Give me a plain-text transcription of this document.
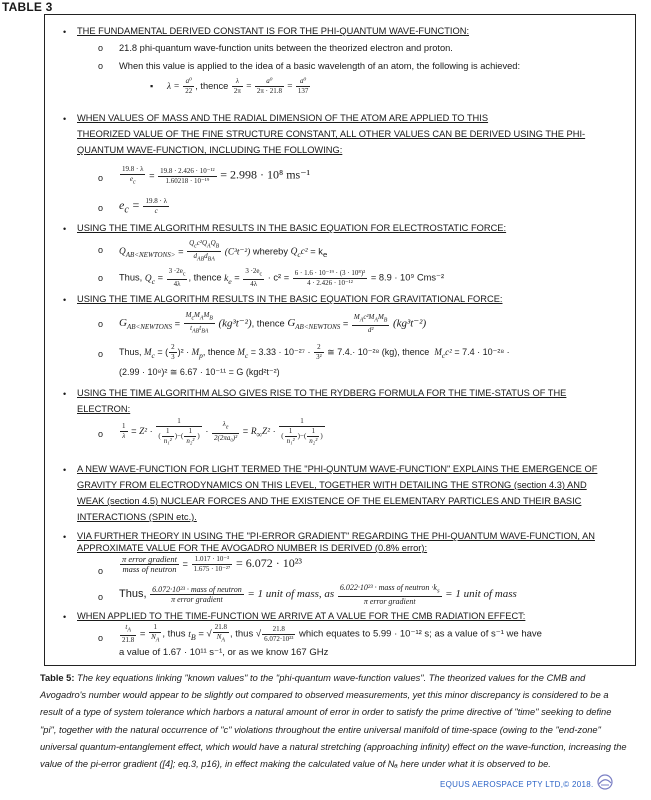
TABLE 3
• THE FUNDAMENTAL DERIVED CONSTANT IS FOR THE PHI-QUANTUM WAVE-FUNCTION:
o 21.8 phi-quantum wave-function units between the theorized electron and proton.
o When this value is applied to the idea of a basic wavelength of an atom, the following is achieved:
▪ $\lambda = \frac{\text{a⁰}}{22}$ , thence $\frac{\lambda}{2\pi} = \frac{\text{a⁰}}{2\pi \cdot 21.8} = \frac{\text{a⁰}}{137}$
• WHEN VALUES OF MASS AND THE RADIAL DIMENSION OF THE ATOM ARE APPLIED TO THIS
THEORIZED VALUE OF THE FINE STRUCTURE CONSTANT, ALL OTHER VALUES CAN BE DERIVED USING THE PHI-
QUANTUM WAVE-FUNCTION, INCLUDING THE FOLLOWING:
o $\frac{19.8 \cdot \lambda}{e_c} = \frac{\text{19.8 · 2.426 · 10⁻¹²}}{\text{1.60218 · 10⁻¹⁹}} = 2.998 \cdot 10^8$ ms⁻¹
o $e_c = \frac{19.8 \cdot \lambda}{c}$
• USING THE TIME ALGORITHM RESULTS IN THE BASIC EQUATION FOR ELECTROSTATIC FORCE:
o $Q_{AB<NEWTONS>}$ =
$Q_cc^2Q_AQ_B$
$d_{AB}d_{BA}$
(C³t⁻²) whereby $Q_cc^2 = k_e$
o Thus, $Q_c = \frac{3 \cdot 2e_c}{4\lambda}$ , thence $k_e = \frac{3 \cdot 2e_c}{4\lambda} \cdot c^2 = \frac{\text{6 · 1.6 · 10⁻¹⁹ · (3 · 10⁸)²}}{\text{4 · 2.426 · 10⁻¹²}} = 8.9 \cdot 10^9$ Cms⁻²
• USING THE TIME ALGORITHM RESULTS IN THE BASIC EQUATION FOR GRAVITATIONAL FORCE:
o $G_{AB<NEWTONS}$ =
$M_cM_AM_B$
$t_{AB}t_{BA}$
(kg³t⁻²), thence $G_{AB<NEWTONS}$ =
$M_Ac^2M_AM_B$
d²
(kg³t⁻²)
o Thus, $M_c$ = ( $\frac{2}{3} )^2 \cdot M_p$, thence $M_c = 3.33 \cdot 10^{-27} \cdot \frac{2}{\text{3²}}$ ≅ 7.4.· 10⁻²⁸ (kg), thence  $M_cc^2 = 7.4 \cdot 10^{-28}$ ·
(2.99 · 10⁸)² ≅ 6.67 · 10⁻¹¹ = G (kgd²t⁻²)
• USING THE TIME ALGORITHM ALSO GIVES RISE TO THE RYDBERG FORMULA FOR THE TIME-STATUS OF THE
ELECTRON:
o $\frac{1}{\lambda} = Z^2 \cdot \frac{1}{( \frac{1}{\text{n₁²}} )-( \frac{1}{\text{n₂²}} )} \cdot \frac{\lambda_e}{\text{2(2πa₀)²}} = R_\infty Z^2 \cdot \frac{1}{( \frac{1}{\text{n₁²}} )-( \frac{1}{\text{n₂²}} )}$
• A NEW WAVE-FUNCTION FOR LIGHT TERMED THE "PHI-QUNTUM WAVE-FUNCTION" EXPLAINS THE EMERGENCE OF
GRAVITY FROM ELECTRODYNAMICS ON THIS LEVEL, TOGETHER WITH DETAILING THE STRONG (section 4.3) AND
WEAK (section 4.5) NUCLEAR FORCES AND THE EXISTENCE OF THE ELEMENTARY PARTICLES AND THEIR BASIC
INTERACTIONS (SPIN etc.).
• VIA FURTHER THEORY IN USING THE "PI-ERROR GRADIENT" REGARDING THE PHI-QUANTUM WAVE-FUNCTION, AN
APPROXIMATE VALUE FOR THE AVOGADRO NUMBER IS DERIVED (0.8% error):
o
π error gradient
mass of neutron
= $\frac{\text{1.017 · 10⁻³}}{\text{1.675 · 10⁻²⁷}} = 6.072 \cdot 10^{23}$
o Thus, 6.072·10²³ · mass of neutron
π error gradient	= 1 unit of mass, as
6.022·10²³ · mass of neutron $\cdot k_s$
π error gradient
= 1 unit of mass
• WHEN APPLIED TO THE TIME-FUNCTION WE ARRIVE AT A VALUE FOR THE CMB RADIATION EFFECT:
o $\frac{t_A}{21.8} = \frac{1}{N_A}$ , thus $t_B$ = √ $\frac{21.8}{N_A}$ , thus √ $\frac{21.8}{\text{6.072·10²³}}$ which equates to 5.99 · 10⁻¹² s; as a value of s⁻¹ we have
a value of 1.67 · 10¹¹ s⁻¹, or as we know 167 GHz
Table 5: The key equations linking "known values" to the "phi-quantum wave-function values". The theorized values for the CMB and Avogadro's number would appear to be slightly out compared to observed measurements, yet this minor discrepancy is considered to be a result of a type of system tolerance which harbors a natural amount of error in order to satisfy the prime directive of "time" seeking to define "pi", together with the natural occurrence of "c" violations throughout the entire universal manifold of time-space (owing to the "end-zone" universal quantum-entanglement effect, which would have a natural stretching (approaching infinity) effect on the wave-function, increasing the value of the pi-error gradient ([4]; eq.3, p16), in effect making the calculated value of Nₐ here under what it is observed to be.
EQUUS AEROSPACE PTY LTD,© 2018.
